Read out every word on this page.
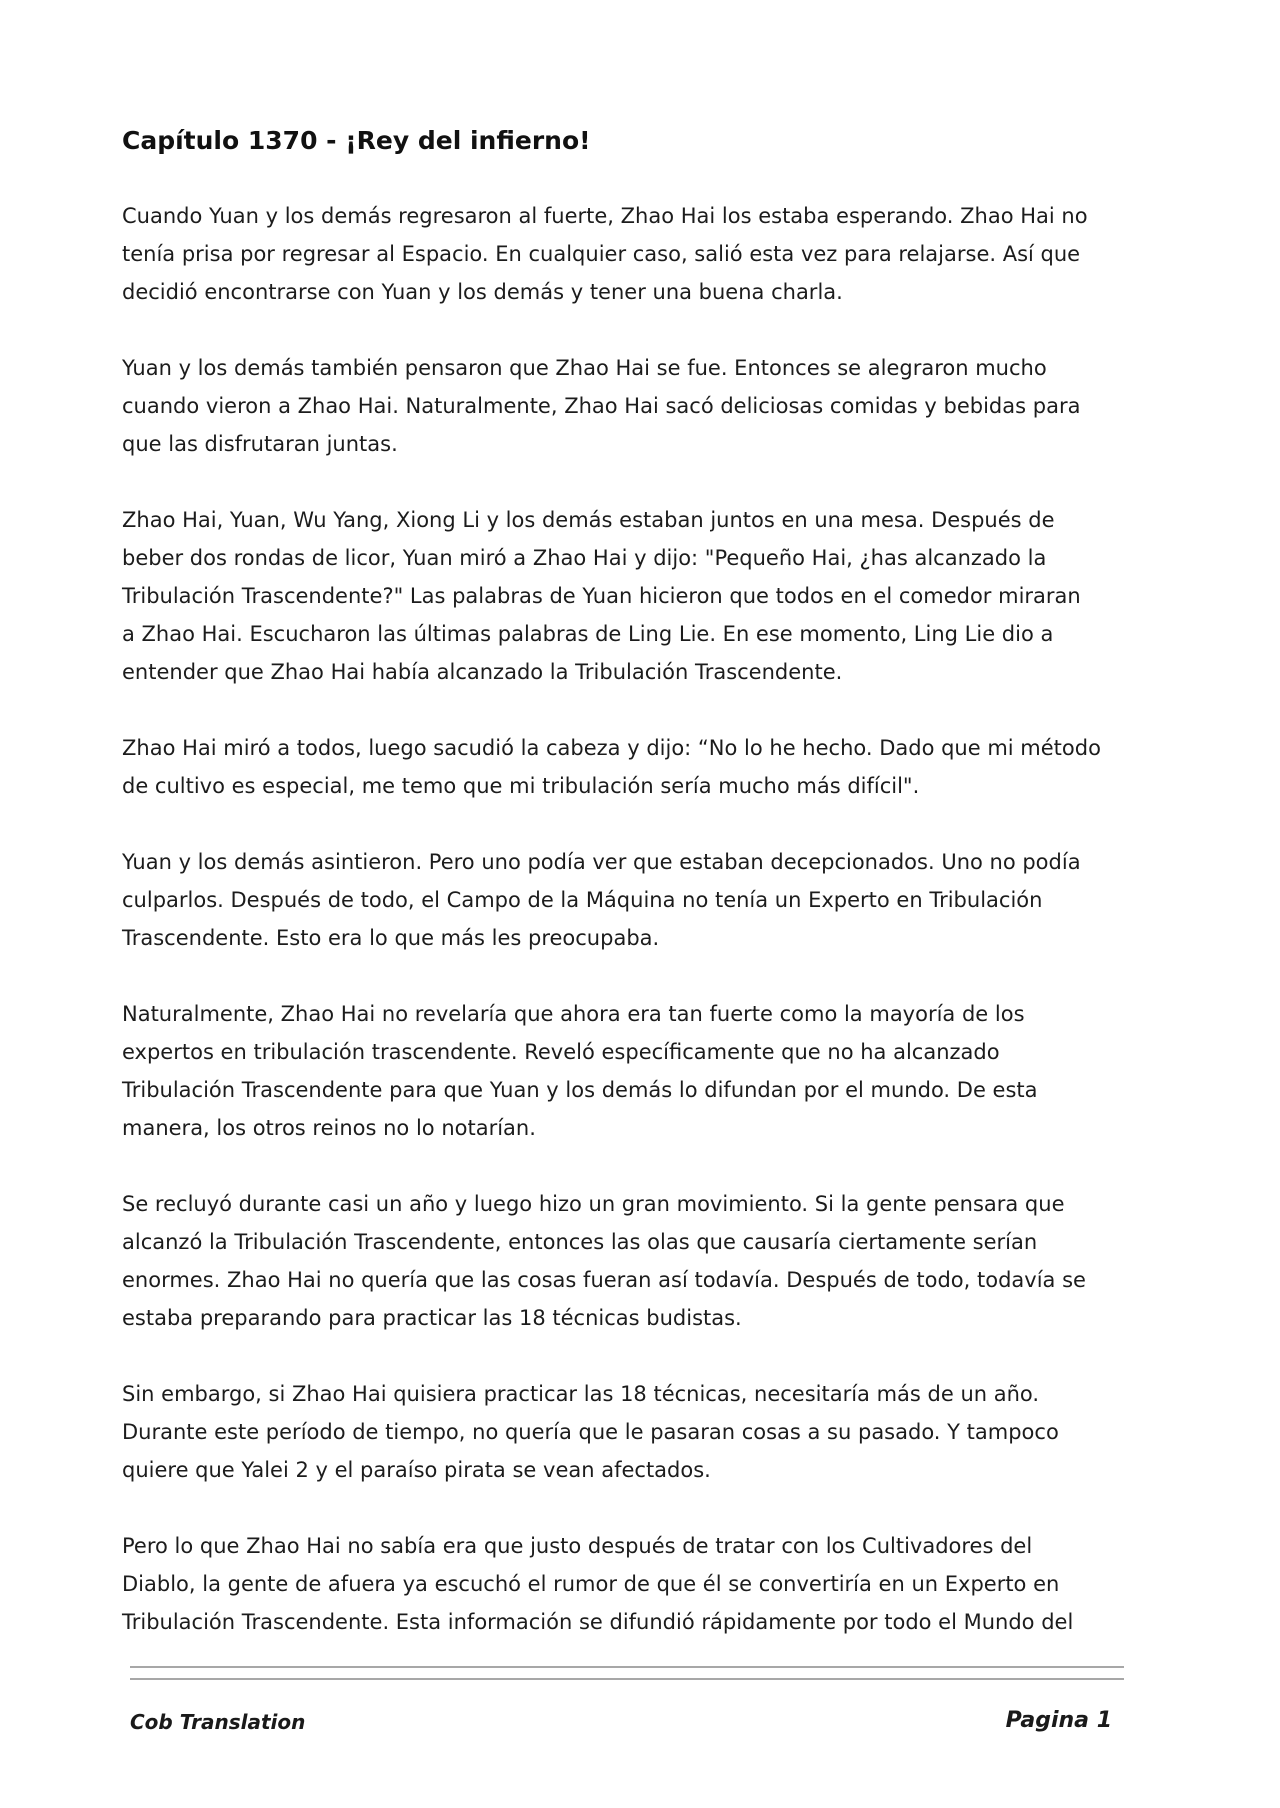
Capítulo 1370 - ¡Rey del infierno!

Cuando Yuan y los demás regresaron al fuerte, Zhao Hai los estaba esperando. Zhao Hai no
tenía prisa por regresar al Espacio. En cualquier caso, salió esta vez para relajarse. Así que
decidió encontrarse con Yuan y los demás y tener una buena charla.

Yuan y los demás también pensaron que Zhao Hai se fue. Entonces se alegraron mucho
cuando vieron a Zhao Hai. Naturalmente, Zhao Hai sacó deliciosas comidas y bebidas para
que las disfrutaran juntas.

Zhao Hai, Yuan, Wu Yang, Xiong Li y los demás estaban juntos en una mesa. Después de
beber dos rondas de licor, Yuan miró a Zhao Hai y dijo: "Pequeño Hai, ¿has alcanzado la
Tribulación Trascendente?" Las palabras de Yuan hicieron que todos en el comedor miraran
a Zhao Hai. Escucharon las últimas palabras de Ling Lie. En ese momento, Ling Lie dio a
entender que Zhao Hai había alcanzado la Tribulación Trascendente.

Zhao Hai miró a todos, luego sacudió la cabeza y dijo: “No lo he hecho. Dado que mi método
de cultivo es especial, me temo que mi tribulación sería mucho más difícil".

Yuan y los demás asintieron. Pero uno podía ver que estaban decepcionados. Uno no podía
culparlos. Después de todo, el Campo de la Máquina no tenía un Experto en Tribulación
Trascendente. Esto era lo que más les preocupaba.

Naturalmente, Zhao Hai no revelaría que ahora era tan fuerte como la mayoría de los
expertos en tribulación trascendente. Reveló específicamente que no ha alcanzado
Tribulación Trascendente para que Yuan y los demás lo difundan por el mundo. De esta
manera, los otros reinos no lo notarían.

Se recluyó durante casi un año y luego hizo un gran movimiento. Si la gente pensara que
alcanzó la Tribulación Trascendente, entonces las olas que causaría ciertamente serían
enormes. Zhao Hai no quería que las cosas fueran así todavía. Después de todo, todavía se
estaba preparando para practicar las 18 técnicas budistas.

Sin embargo, si Zhao Hai quisiera practicar las 18 técnicas, necesitaría más de un año.
Durante este período de tiempo, no quería que le pasaran cosas a su pasado. Y tampoco
quiere que Yalei 2 y el paraíso pirata se vean afectados.

Pero lo que Zhao Hai no sabía era que justo después de tratar con los Cultivadores del
Diablo, la gente de afuera ya escuchó el rumor de que él se convertiría en un Experto en
Tribulación Trascendente. Esta información se difundió rápidamente por todo el Mundo del

Cob Translation	Pagina 1
